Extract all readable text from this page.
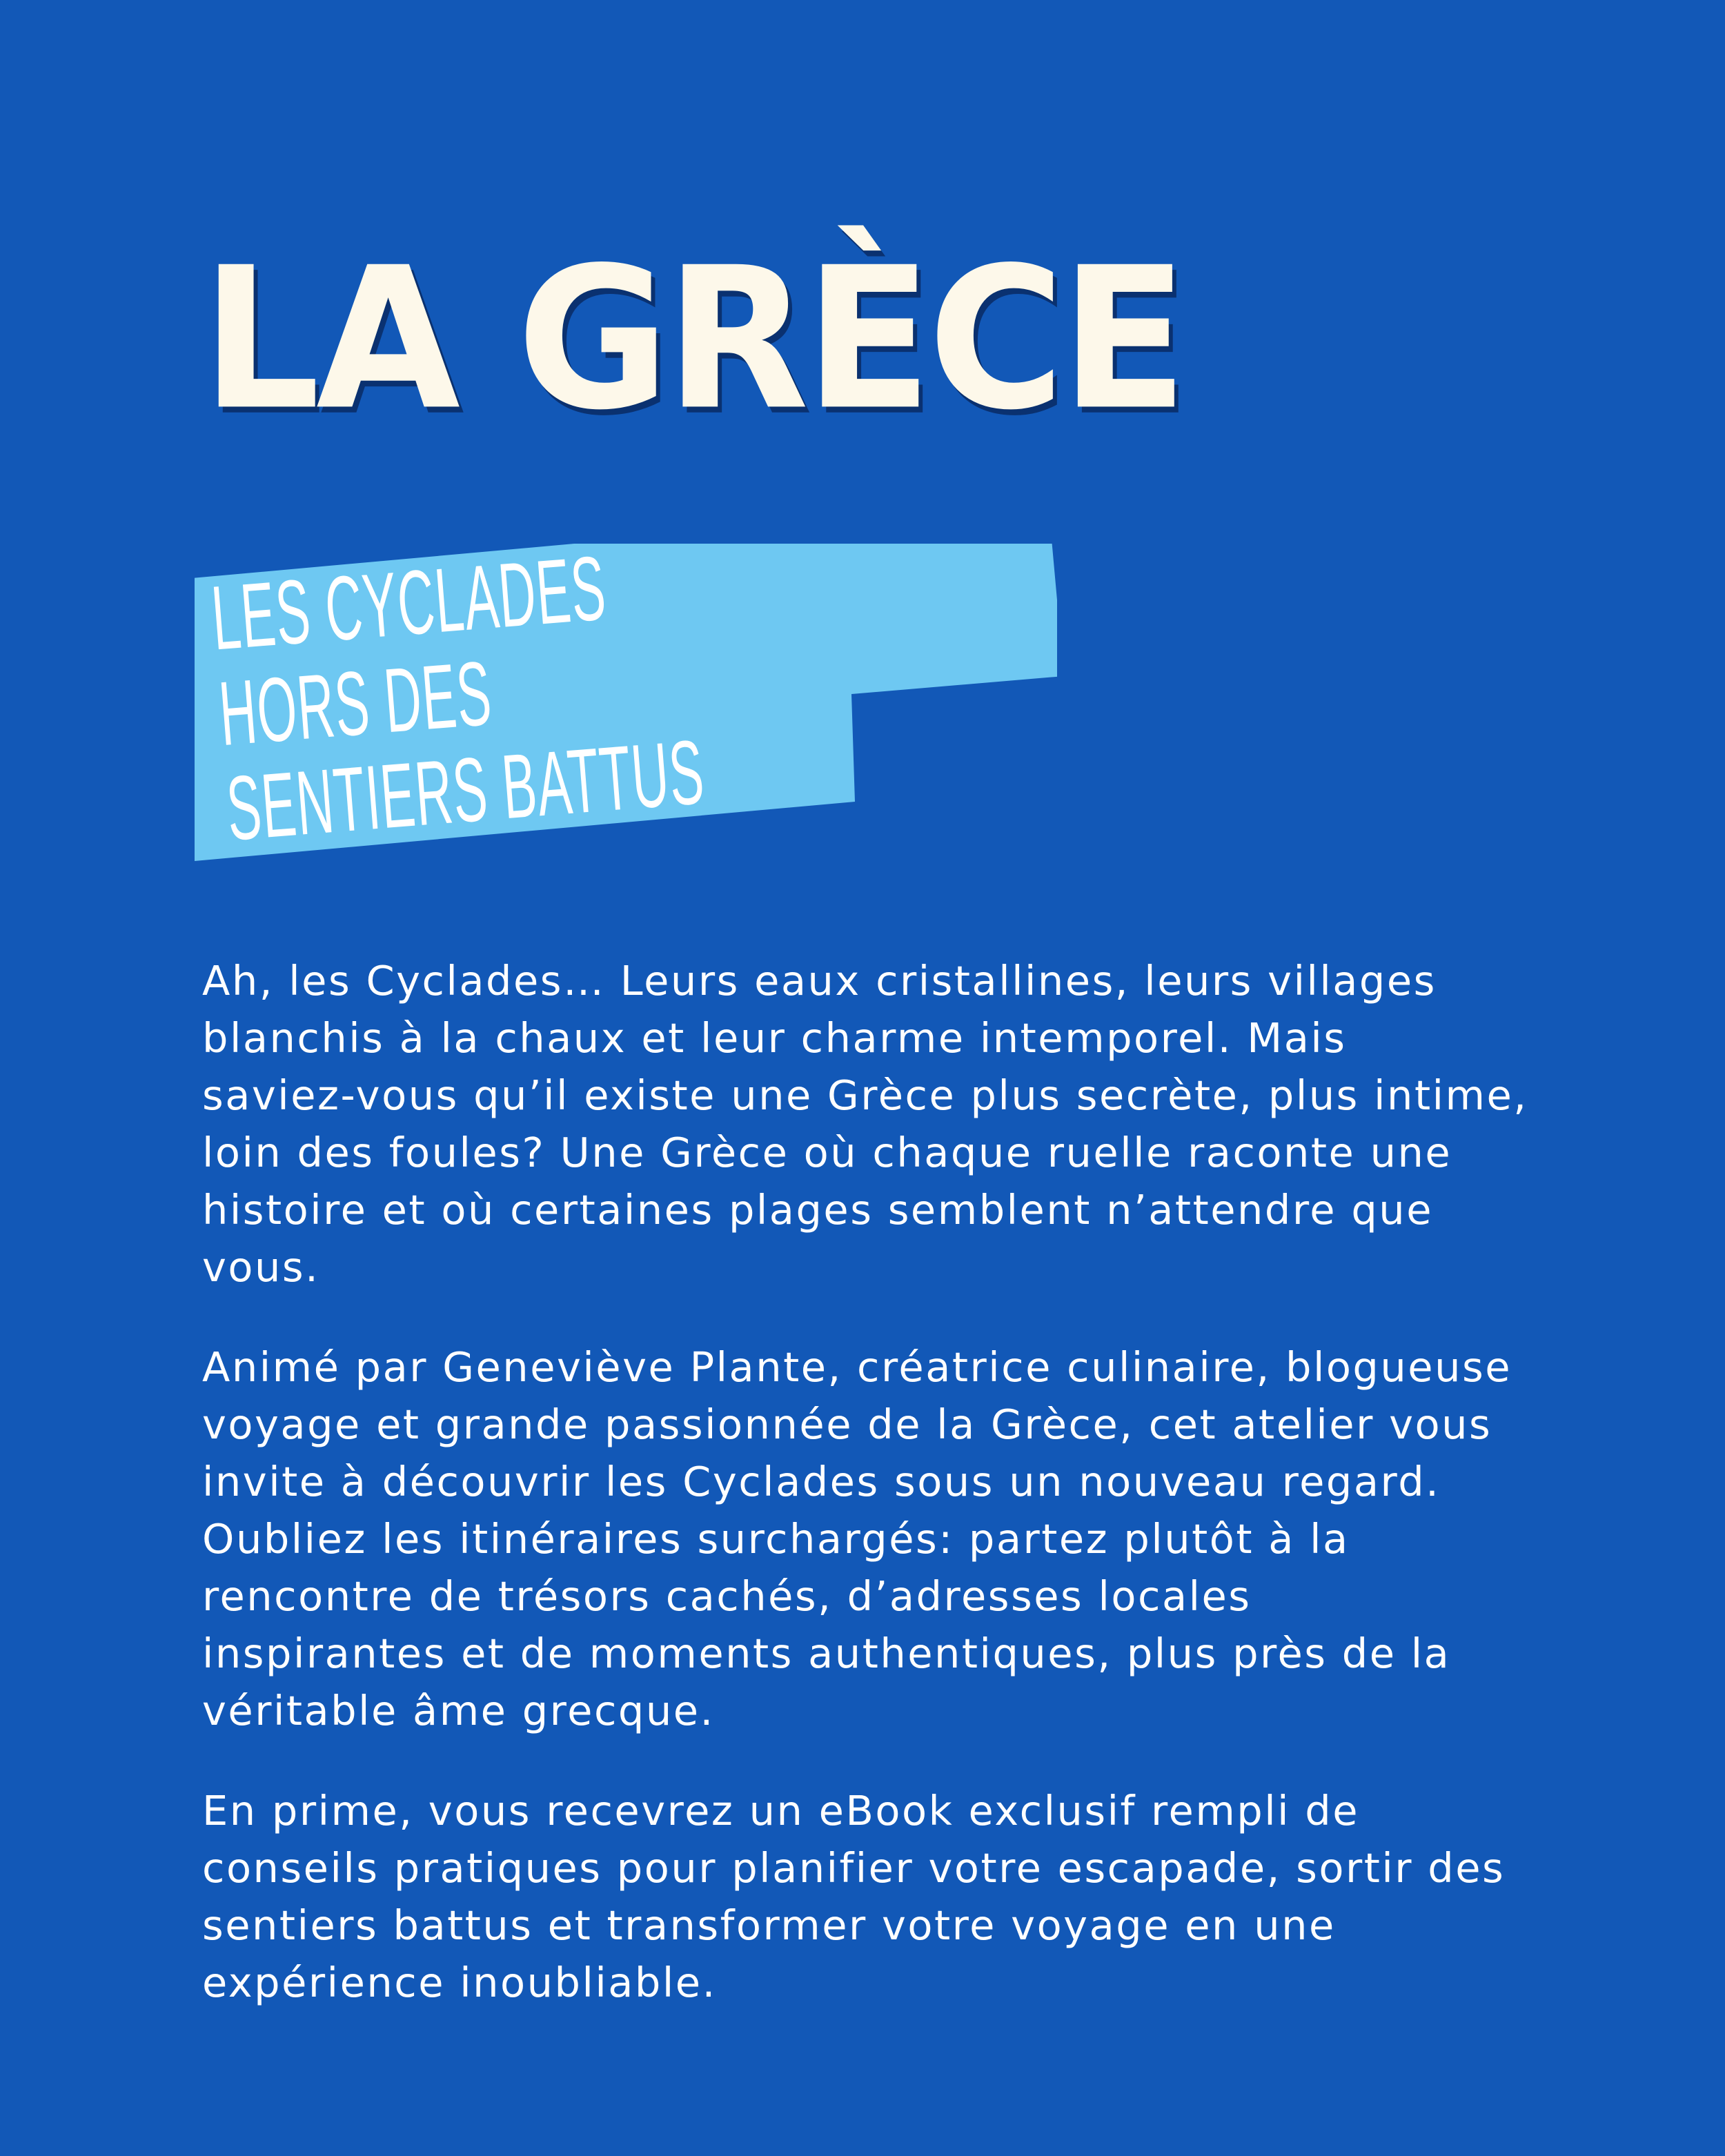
LA GRÈCE

LES CYCLADES HORS DES
SENTIERS BATTUS

Ah, les Cyclades… Leurs eaux cristallines, leurs villages
blanchis à la chaux et leur charme intemporel. Mais
saviez-vous qu’il existe une Grèce plus secrète, plus intime,
loin des foules? Une Grèce où chaque ruelle raconte une
histoire et où certaines plages semblent n’attendre que
vous.

Animé par Geneviève Plante, créatrice culinaire, blogueuse
voyage et grande passionnée de la Grèce, cet atelier vous
invite à découvrir les Cyclades sous un nouveau regard.
Oubliez les itinéraires surchargés: partez plutôt à la
rencontre de trésors cachés, d’adresses locales
inspirantes et de moments authentiques, plus près de la
véritable âme grecque.

En prime, vous recevrez un eBook exclusif rempli de
conseils pratiques pour planifier votre escapade, sortir des
sentiers battus et transformer votre voyage en une
expérience inoubliable.
